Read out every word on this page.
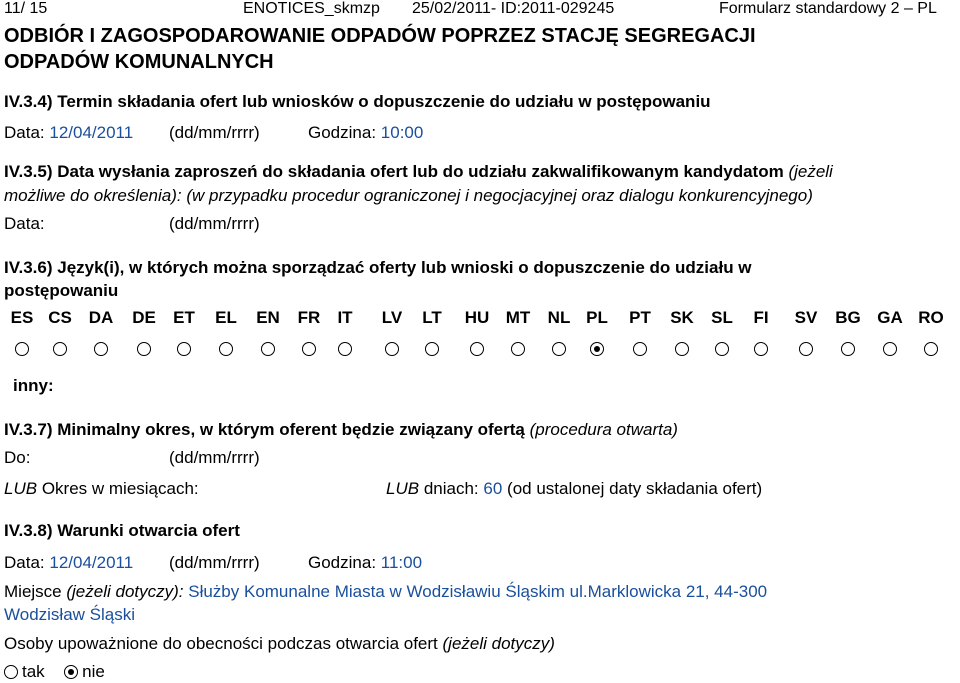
11/ 15	ENOTICES_skmzp 25/02/2011- ID:2011-029245	Formularz standardowy 2 – PL
ODBIÓR I ZAGOSPODAROWANIE ODPADÓW POPRZEZ STACJĘ SEGREGACJI
ODPADÓW KOMUNALNYCH
IV.3.4) Termin składania ofert lub wniosków o dopuszczenie do udziału w postępowaniu
Data: 12/04/2011 (dd/mm/rrrr)	Godzina: 10:00
IV.3.5) Data wysłania zaproszeń do składania ofert lub do udziału zakwalifikowanym kandydatom (jeżeli
możliwe do określenia): (w przypadku procedur ograniczonej i negocjacyjnej oraz dialogu konkurencyjnego)
Data:	(dd/mm/rrrr)
IV.3.6) Język(i), w których można sporządzać oferty lub wnioski o dopuszczenie do udziału w
postępowaniu
ES CS DA DE ET EL EN FR IT LV LT HU MT NL PL PT SK SL FI SV BG GA RO
inny:
IV.3.7) Minimalny okres, w którym oferent będzie związany ofertą (procedura otwarta)
Do:	(dd/mm/rrrr)
LUB Okres w miesiącach:	LUB dniach: 60 (od ustalonej daty składania ofert)
IV.3.8) Warunki otwarcia ofert
Data: 12/04/2011 (dd/mm/rrrr)	Godzina: 11:00
Miejsce (jeżeli dotyczy): Służby Komunalne Miasta w Wodzisławiu Śląskim ul.Marklowicka 21, 44-300
Wodzisław Śląski
Osoby upoważnione do obecności podczas otwarcia ofert (jeżeli dotyczy)
tak nie
